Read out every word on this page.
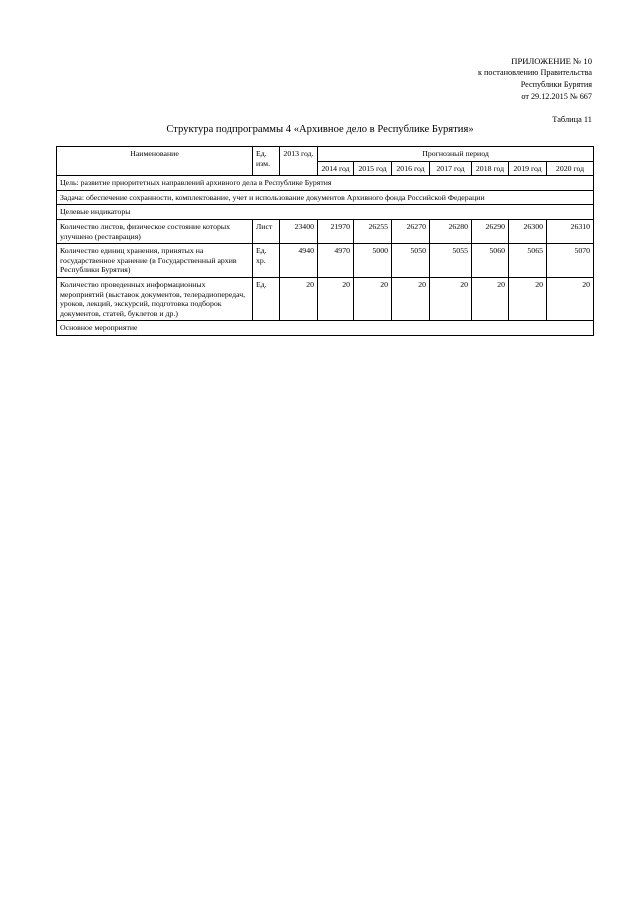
ПРИЛОЖЕНИЕ № 10
к постановлению Правительства
Республики Бурятия
от 29.12.2015 № 667
Таблица 11
Структура подпрограммы 4 «Архивное дело в Республике Бурятия»
Наименование	Ед. изм.	2013 год.	Прогнозный период						
			2014 год	2015 год	2016 год	2017 год	2018 год	2019 год	2020 год
Цель: развитие приоритетных направлений архивного дела в Республике Бурятия									
Задача: обеспечение сохранности, комплектование, учет и использование документов Архивного фонда Российской Федерации									
Целевые индикаторы									
Количество листов, физическое состояние которых улучшено (реставрация)	Лист	23400	21970	26255	26270	26280	26290	26300	26310
Количество единиц хранения, принятых на государственное хранение (в Государственный архив Республики Бурятия)	Ед. хр.	4940	4970	5000	5050	5055	5060	5065	5070
Количество проведенных информационных мероприятий (выставок документов, телерадиопередач, уроков, лекций, экскурсий, подготовка подборок документов, статей, буклетов и др.)	Ед.	20	20	20	20	20	20	20	20
Основное мероприятие									
